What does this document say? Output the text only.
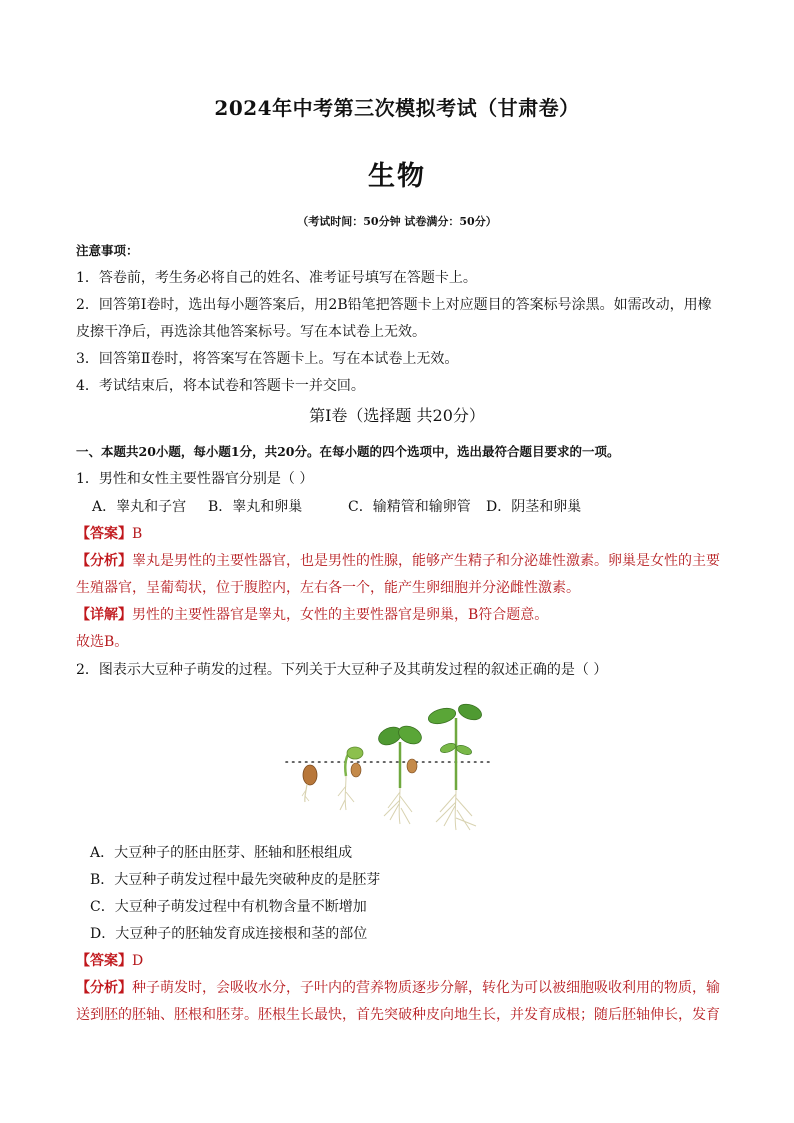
2024年中考第三次模拟考试（甘肃卷）
生物
（考试时间：50分钟 试卷满分：50分）
注意事项：
1．答卷前，考生务必将自己的姓名、准考证号填写在答题卡上。
2．回答第Ⅰ卷时，选出每小题答案后，用2B铅笔把答题卡上对应题目的答案标号涂黑。如需改动，用橡
皮擦干净后，再选涂其他答案标号。写在本试卷上无效。
3．回答第Ⅱ卷时，将答案写在答题卡上。写在本试卷上无效。
4．考试结束后，将本试卷和答题卡一并交回。
第Ⅰ卷（选择题 共20分）
一、本题共20小题，每小题1分，共20分。在每小题的四个选项中，选出最符合题目要求的一项。
1．男性和女性主要性器官分别是（ ）
A．睾丸和子宫 B．睾丸和卵巢	C．输精管和输卵管 D．阴茎和卵巢
【答案】B
【分析】睾丸是男性的主要性器官，也是男性的性腺，能够产生精子和分泌雄性激素。卵巢是女性的主要
生殖器官，呈葡萄状，位于腹腔内，左右各一个，能产生卵细胞并分泌雌性激素。
【详解】男性的主要性器官是睾丸，女性的主要性器官是卵巢，B符合题意。
故选B。
2．图表示大豆种子萌发的过程。下列关于大豆种子及其萌发过程的叙述正确的是（ ）
A．大豆种子的胚由胚芽、胚轴和胚根组成
B．大豆种子萌发过程中最先突破种皮的是胚芽
C．大豆种子萌发过程中有机物含量不断增加
D．大豆种子的胚轴发育成连接根和茎的部位
【答案】D
【分析】种子萌发时，会吸收水分，子叶内的营养物质逐步分解，转化为可以被细胞吸收利用的物质，输
送到胚的胚轴、胚根和胚芽。胚根生长最快，首先突破种皮向地生长，并发育成根；随后胚轴伸长，发育
